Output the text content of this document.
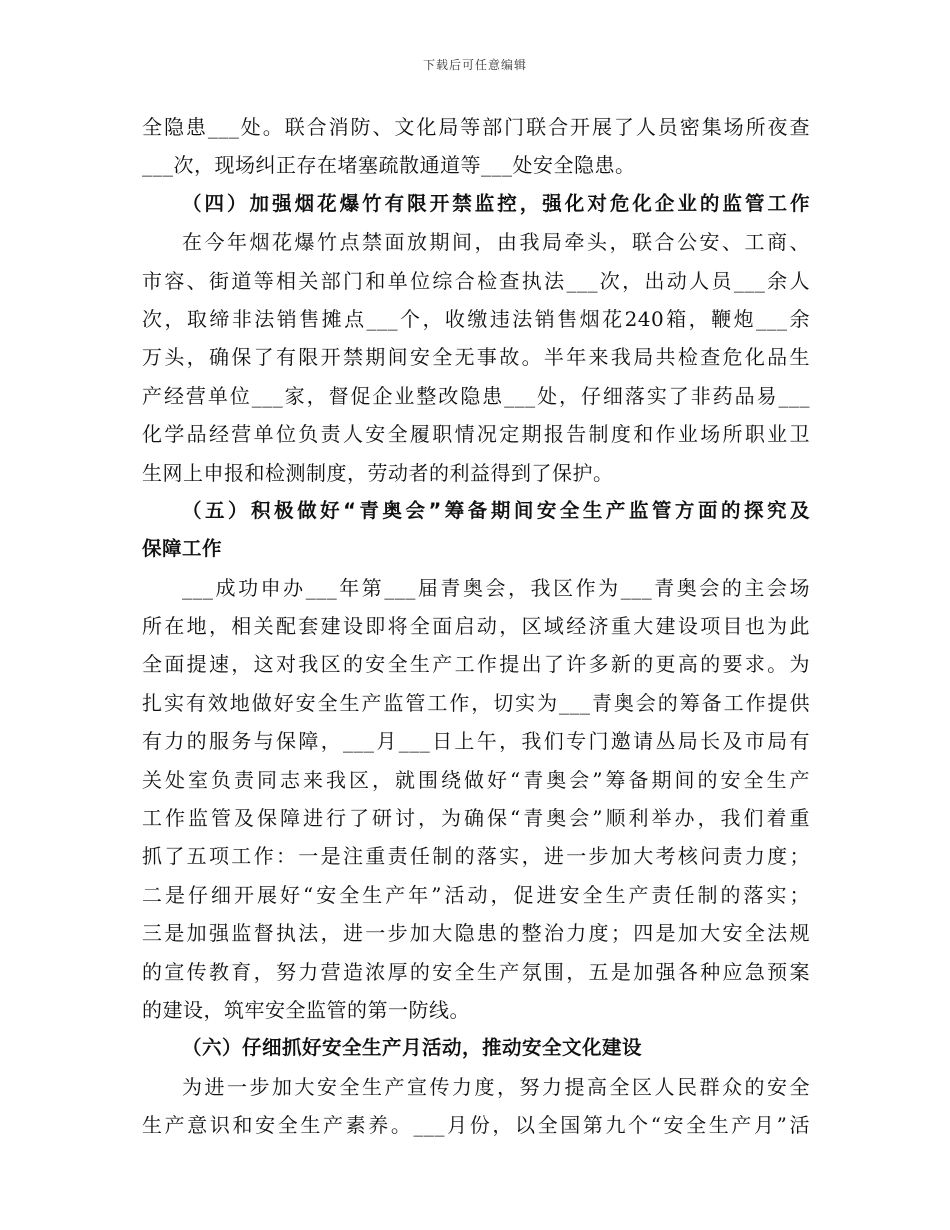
下载后可任意编辑
全隐患___处。联合消防、文化局等部门联合开展了人员密集场所夜查
___次，现场纠正存在堵塞疏散通道等___处安全隐患。
（四）加强烟花爆竹有限开禁监控，强化对危化企业的监管工作
在今年烟花爆竹点禁面放期间，由我局牵头，联合公安、工商、
市容、街道等相关部门和单位综合检查执法___次，出动人员___余人
次，取缔非法销售摊点___个，收缴违法销售烟花240箱，鞭炮___余
万头，确保了有限开禁期间安全无事故。半年来我局共检查危化品生
产经营单位___家，督促企业整改隐患___处，仔细落实了非药品易___
化学品经营单位负责人安全履职情况定期报告制度和作业场所职业卫
生网上申报和检测制度，劳动者的利益得到了保护。
（五）积极做好“青奥会”筹备期间安全生产监管方面的探究及
保障工作
___成功申办___年第___届青奥会，我区作为___青奥会的主会场
所在地，相关配套建设即将全面启动，区域经济重大建设项目也为此
全面提速，这对我区的安全生产工作提出了许多新的更高的要求。为
扎实有效地做好安全生产监管工作，切实为___青奥会的筹备工作提供
有力的服务与保障，___月___日上午，我们专门邀请丛局长及市局有
关处室负责同志来我区，就围绕做好“青奥会”筹备期间的安全生产
工作监管及保障进行了研讨，为确保“青奥会”顺利举办，我们着重
抓了五项工作：一是注重责任制的落实，进一步加大考核问责力度；
二是仔细开展好“安全生产年”活动，促进安全生产责任制的落实；
三是加强监督执法，进一步加大隐患的整治力度；四是加大安全法规
的宣传教育，努力营造浓厚的安全生产氛围，五是加强各种应急预案
的建设，筑牢安全监管的第一防线。
（六）仔细抓好安全生产月活动，推动安全文化建设
为进一步加大安全生产宣传力度，努力提高全区人民群众的安全
生产意识和安全生产素养。___月份，以全国第九个“安全生产月”活
